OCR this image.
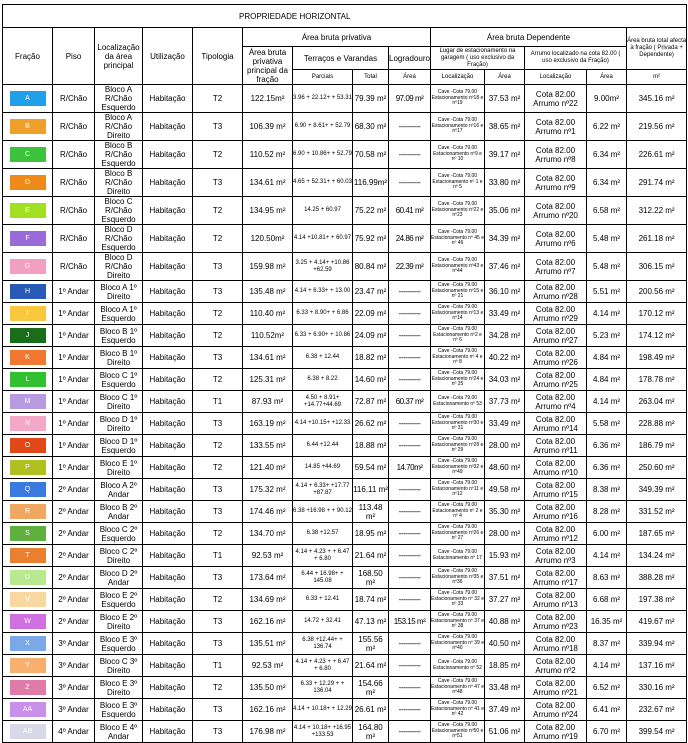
PROPRIEDADE HORIZONTAL													
Fração	Piso	Localização da área principal	Utilização	Tipologia	Área bruta privativa				Área bruta Dependente				Área bruta total afecta à fração ( Privada + Dependente)
					Área bruta privativa principal da fração	Terraços e Varandas		Logradouro	Lugar de estacionamento na garagem ( uso exclusivo da Fração)		Arrumo localizado na cota 82.00 ( uso exclusivo da Fração)		
						Parciais	Total	Área	Localização	Área	Localização	Área	m²
A	R/Chão	Bloco A R/Chão Esquerdo	Habitação	T2	122.15m²	3.96 + 22.12+ + 53.31	79.39 m²	97.09 m²	Cave -Cota 79.00 Estacionamento nº18 e nº19	37.53 m²	Cota 82.00 Arrumo nº22	9.00m²	345.16 m²
B	R/Chão	Bloco A R/Chão Direito	Habitação	T3	106.39 m²	6.90 + 8.61+ + 52.79	68.30 m²	----------	Cave -Cota 79.00 Estacionamento nº16 e nº17	38.65 m²	Cota 82.00 Arrumo nº1	6.22 m²	219.56 m²
C	R/Chão	Bloco B R/Chão Esquerdo	Habitação	T2	110.52 m²	6.90 + 10.86+ + 52.79	70.58 m²	----------	Cave -Cota 79.00 Estacionamento nº9 e nº 10	39.17 m²	Cota 82.00 Arrumo nº8	6.34 m²	226.61 m²
D	R/Chão	Bloco B R/Chão Direito	Habitação	T3	134.61 m²	4.65 + 52.31+ + 60.03	116.99m²	----------	Cave -Cota 79.00 Estacionamento nº 1 e nº 5	33.80 m²	Cota 82.00 Arrumo nº9	6.34 m²	291.74 m²
E	R/Chão	Bloco C R/Chão Esquerdo	Habitação	T2	134.95 m²	14.25 + 60.97	75.22 m²	60.41 m²	Cave -Cota 79.00 Estacionamento nº22 e nº23	35.06 m²	Cota 82.00 Arrumo nº20	6.58 m²	312.22 m²
F	R/Chão	Bloco D R/Chão Esquerdo	Habitação	T2	120.50m²	4.14 +10.81+ + 60.97	75.92 m²	24.86 m²	Cave -Cota 79.00 Estacionamento nº 45 e nº 46	34.39 m²	Cota 82.00 Arrumo nº6	5.48 m²	261.18 m²
G	R/Chão	Bloco D R/Chão Direito	Habitação	T3	159.98 m²	3.25 + 4.14+ +10.86 +62.59	80.84 m²	22.39 m²	Cave -Cota 79.00 Estacionamento nº43 e nº44	37.46 m²	Cota 82.00 Arrumo nº7	5.48 m²	306.15 m²
H	1º Andar	Bloco A 1º Direito	Habitação	T3	135.48 m²	4.14 + 6.33+ + 13.00	23.47 m²	----------	Cave -Cota 79.00 Estacionamento nº15 e nº 21	36.10 m²	Cota 82.00 Arrumo nº28	5.51 m²	200.56 m²
I	1º Andar	Bloco A 1º Esquerdo	Habitação	T2	110.40 m²	6.33 + 8.90+ + 6.86	22.09 m²	----------	Cave -Cota 79.00 Estacionamento nº13 e nº14	33.49 m²	Cota 82.00 Arrumo nº29	4.14 m²	170.12 m²
J	1º Andar	Bloco B 1º Esquerdo	Habitação	T2	110.52m²	6.33 + 6.90+ + 10.86	24.09 m²	----------	Cave -Cota 79.00 Estacionamento nº2 e nº 6	34.28 m²	Cota 82.00 Arrumo nº27	5.23 m²	174.12 m²
K	1º Andar	Bloco B 1º Direito	Habitação	T3	134.61 m²	6.38 + 12.44	18.82 m²	----------	Cave -Cota 79.00 Estacionamento nº 4 e nº 8	40.22 m²	Cota 82.00 Arrumo nº26	4.84 m²	198.49 m²
L	1º Andar	Bloco C 1º Esquerdo	Habitação	T2	125.31 m²	6.38 + 8.22	14.60 m²	----------	Cave -Cota 79.00 Estacionamento nº24 e nº 25	34.03 m²	Cota 82.00 Arrumo nº25	4.84 m²	178.78 m²
M	1º Andar	Bloco C 1º Direito	Habitação	T1	87.93 m²	4.50 + 8.91+ +14.77+44.69	72.87 m²	60.37 m²	Cave -Cota 79.00 Estacionamento nº 53	37.73 m²	Cota 82.00 Arrumo nº4	4.14 m²	263.04 m²
N	1º Andar	Bloco D 1º Direito	Habitação	T3	163.19 m²	4.14 +10.15+ +12.33	26.62 m²	----------	Cave -Cota 79.00 Estacionamento nº30 e nº 31	33.49 m²	Cota 82.00 Arrumo nº14	5.58 m²	228.88 m²
O	1º Andar	Bloco D 1º Esquerdo	Habitação	T2	133.55 m²	6.44 +12.44	18.88 m²	----------	Cave -Cota 79.00 Estacionamento nº28 e nº 29	28.00 m²	Cota 82.00 Arrumo nº11	6.36 m²	186.79 m²
P	1º Andar	Bloco E 1º Direito	Habitação	T2	121.40 m²	14.85 +44.69	59.54 m²	14.70m²	Cave -Cota 79.00 Estacionamento nº32 e nº49	48.60 m²	Cota 82.00 Arrumo nº10	6.36 m²	250.60 m²
Q	2º Andar	Bloco A 2º Andar	Habitação	T3	175.32 m²	4.14 + 6.33+ +17.77 +87.87	116.11 m²	----------	Cave -Cota 79.00 Estacionamento nº11 e nº12	49.58 m²	Cota 82.00 Arrumo nº15	8.38 m²	349.39 m²
R	2º Andar	Bloco B 2º Andar	Habitação	T3	174.46 m²	6.38 +16.98 + + 90.12	113.48 m²	----------	Cave -Cota 79.00 Estacionamento nº 2 e nº 4	35.30 m²	Cota 82.00 Arrumo nº16	8.28 m²	331.52 m²
S	2º Andar	Bloco C 2º Esquerdo	Habitação	T2	134.70 m²	6.38 +12.57	18.95 m²	----------	Cave -Cota 79.00 Estacionamento nº26 e nº 27	28.00 m²	Cota 82.00 Arrumo nº12	6.00 m²	187.65 m²
T	2º Andar	Bloco C 2º Direito	Habitação	T1	92.53 m²	4.14 + 4.23 + + 6.47 + 6.80	21.64 m²	----------	Cave -Cota 79.00 Estacionamento nº 17	15.93 m²	Cota 82.00 Arrumo nº3	4.14 m²	134.24 m²
U	2º Andar	Bloco D 2º Andar	Habitação	T3	173.64 m²	6.44 + 16.98+ + 145.08	168.50 m²	----------	Cave -Cota 79.00 Estacionamento nº35 e nº36	37.51 m²	Cota 82.00 Arrumo nº17	8.63 m²	388.28 m²
V	2º Andar	Bloco E 2º Esquerdo	Habitação	T2	134.69 m²	6.33 + 12.41	18.74 m²	----------	Cave -Cota 79.00 Estacionamento nº 32 e nº 33	37.27 m²	Cota 82.00 Arrumo nº13	6.68 m²	197.38 m²
W	2º Andar	Bloco E 2º Direito	Habitação	T3	162.16 m²	14.72 + 32.41	47.13 m²	153.15 m²	Cave -Cota 79.00 Estacionamento nº 37 e nº 38	40.88 m²	Cota 82.00 Arrumo nº23	16.35 m²	419.67 m²
X	3º Andar	Bloco E 3º Esquerdo	Habitação	T3	135.51 m²	6.38 +12.44+ + 136.74	155.56 m²	----------	Cave -Cota 79.00 Estacionamento nº 39 e nº40	40.50 m²	Cota 82.00 Arrumo nº18	8.37 m²	339.94 m²
Y	3º Andar	Bloco C 3º Direito	Habitação	T1	92.53 m²	4.14 + 4.23 + + 6.47 + 6.80	21.64 m²	----------	Cave -Cota 79.00 Estacionamento nº 52	18.85 m²	Cota 82.00 Arrumo nº2	4.14 m²	137.16 m²
Z	3º Andar	Bloco E 3º Direito	Habitação	T2	135.50 m²	6.33 + 12.29 + + 136.04	154.66 m²	----------	Cave -Cota 79.00 Estacionamento nº 47 e nº48	33.48 m²	Cota 82.00 Arrumo nº21	6.52 m²	330.16 m²
AA	3º Andar	Bloco E 3º Esquerdo	Habitação	T3	162.16 m²	4.14 + 10.18+ + 12.29	26.61 m²	----------	Cave -Cota 79.00 Estacionamento nº 41 e nº 42	37.49 m²	Cota 82.00 Arrumo nº24	6.41 m²	232.67 m²
AB	4º Andar	Bloco E 4º Andar	Habitação	T3	176.98 m²	4.14 + 10.18+ +16.95 +133.53	164.80 m²	----------	Cave -Cota 79.00 Estacionamento nº50 e nº51	51.06 m²	Cota 82.00 Arrumo nº19	6.70 m²	399.54 m²
